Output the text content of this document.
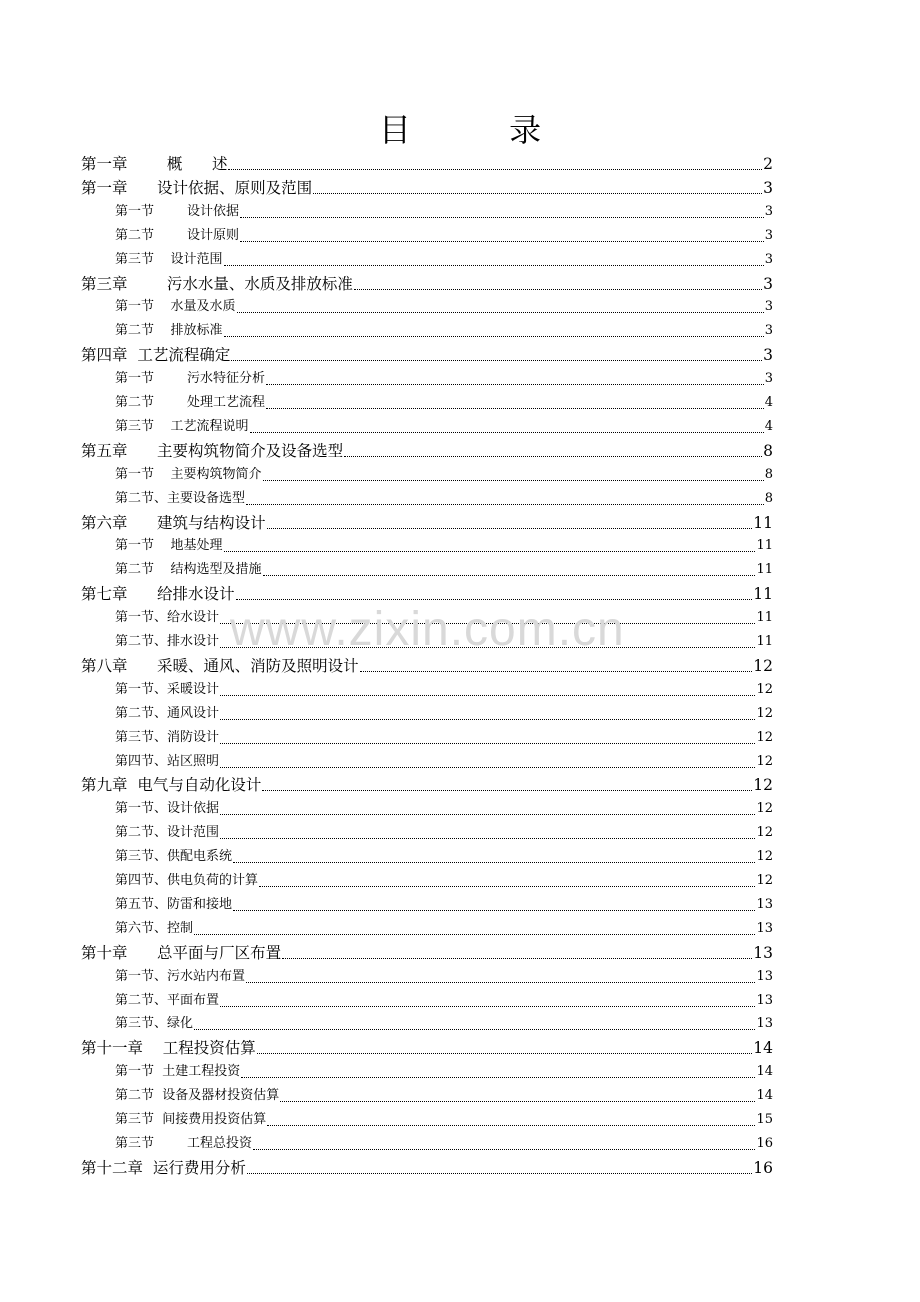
目 录
第一章        概      述	2
第一章      设计依据、原则及范围	3
第一节        设计依据	3
第二节        设计原则	3
第三节    设计范围	3
第三章        污水水量、水质及排放标准	3
第一节    水量及水质	3
第二节    排放标准	3
第四章  工艺流程确定	3
第一节        污水特征分析	3
第二节        处理工艺流程	4
第三节    工艺流程说明	4
第五章      主要构筑物简介及设备选型	8
第一节    主要构筑物简介	8
第二节、主要设备选型	8
第六章      建筑与结构设计	11
第一节    地基处理	11
第二节    结构选型及措施	11
第七章      给排水设计	11
第一节、给水设计	11
第二节、排水设计	11
第八章      采暖、通风、消防及照明设计	12
第一节、采暖设计	12
第二节、通风设计	12
第三节、消防设计	12
第四节、站区照明	12
第九章  电气与自动化设计	12
第一节、设计依据	12
第二节、设计范围	12
第三节、供配电系统	12
第四节、供电负荷的计算	12
第五节、防雷和接地	13
第六节、控制	13
第十章      总平面与厂区布置	13
第一节、污水站内布置	13
第二节、平面布置	13
第三节、绿化	13
第十一章    工程投资估算	14
第一节  土建工程投资	14
第二节  设备及器材投资估算	14
第三节  间接费用投资估算	15
第三节        工程总投资	16
第十二章  运行费用分析	16
www.zixin.com.cn
